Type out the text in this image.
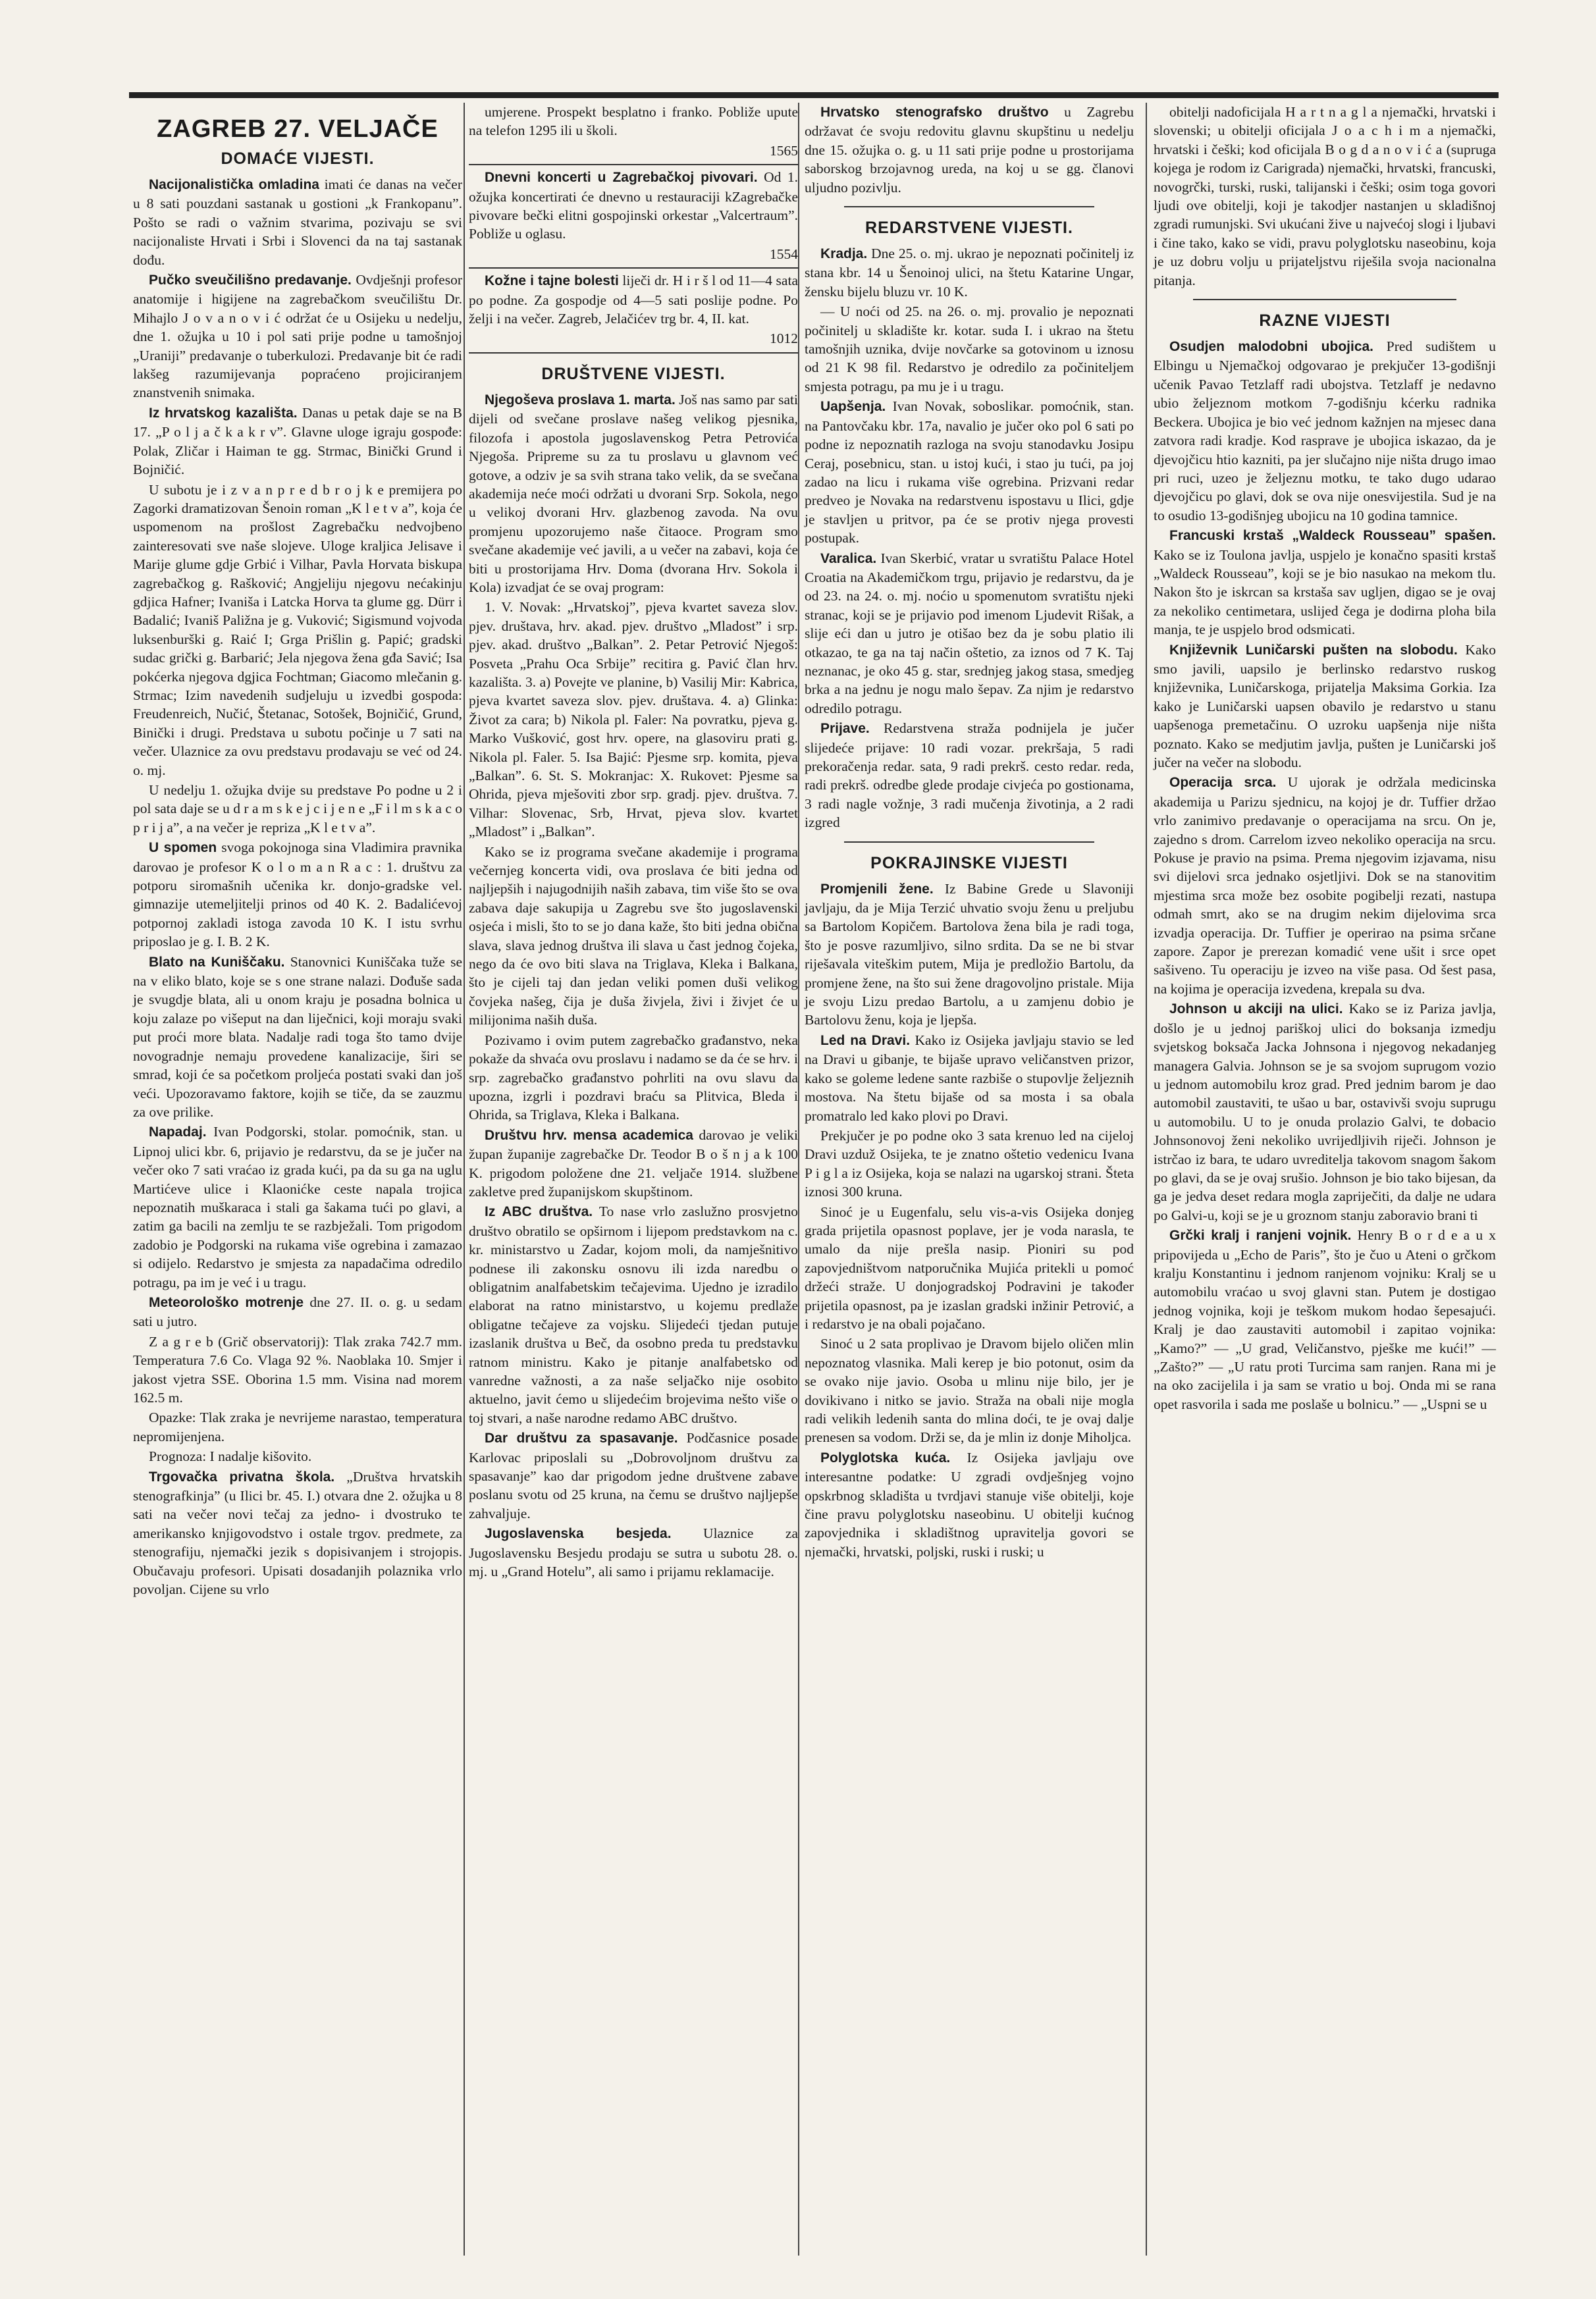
ZAGREB 27. VELJAČE
DOMAĆE VIJESTI.

Nacijonalistička omladina imati će danas na večer u 8 sati pouzdani sastanak u gostioni „k Frankopanu”. Pošto se radi o važnim stvarima, pozivaju se svi nacijonaliste Hrvati i Srbi i Slovenci da na taj sastanak dođu.

Pučko sveučilišno predavanje. Ovdješnji profesor anatomije i higijene na zagrebačkom sveučilištu Dr. Mihajlo J o v a n o v i ć održat će u Osijeku u nedelju, dne 1. ožujka u 10 i pol sati prije podne u tamošnjoj „Uraniji” predavanje o tuberkulozi. Predavanje bit će radi lakšeg razumijevanja popraćeno projiciranjem znanstvenih snimaka.

Iz hrvatskog kazališta. Danas u petak daje se na B 17. „P o l j a č k a k r v”. Glavne uloge igraju gospođe: Polak, Zličar i Haiman te gg. Strmac, Binički Grund i Bojničić.

U subotu je i z v a n p r e d b r o j k e premijera po Zagorki dramatizovan Šenoin roman „K l e t v a”, koja će uspomenom na prošlost Zagrebačku nedvojbeno zainteresovati sve naše slojeve. Uloge kraljica Jelisave i Marije glume gdje Grbić i Vilhar, Pavla Horvata biskupa zagrebačkog g. Rašković; Angjeliju njegovu nećakinju gdjica Hafner; Ivaniša i Latcka Horva ta glume gg. Dürr i Badalić; Ivaniš Paližna je g. Vuković; Sigismund vojvoda luksenburški g. Raić I; Grga Prišlin g. Papić; gradski sudac grički g. Barbarić; Jela njegova žena gđa Savić; Isa pokćerka njegova dgjica Fochtman; Giacomo mlečanin g. Strmac; Izim navedenih sudjeluju u izvedbi gospoda: Freudenreich, Nučić, Štetanac, Sotošek, Bojničić, Grund, Binički i drugi. Predstava u subotu počinje u 7 sati na večer. Ulaznice za ovu predstavu prodavaju se već od 24. o. mj.

U nedelju 1. ožujka dvije su predstave Po podne u 2 i pol sata daje se u d r a m s k e j c i j e n e „F i l m s k a c o p r i j a”, a na večer je repriza „K l e t v a”.

U spomen svoga pokojnoga sina Vladimira pravnika darovao je profesor K o l o m a n R a c : 1. društvu za potporu siromašnih učenika kr. donjo-gradske vel. gimnazije utemeljitelji prinos od 40 K. 2. Badalićevoj potpornoj zakladi istoga zavoda 10 K. I istu svrhu priposlao je g. I. B. 2 K.

Blato na Kuniščaku. Stanovnici Kuniščaka tuže se na v eliko blato, koje se s one strane nalazi. Dođuše sada je svugdje blata, ali u onom kraju je posadna bolnica u koju zalaze po višeput na dan liječnici, koji moraju svaki put proći more blata. Nadalje radi toga što tamo dvije novogradnje nemaju provedene kanalizacije, širi se smrad, koji će sa početkom proljeća postati svaki dan još veći. Upozoravamo faktore, kojih se tiče, da se zauzmu za ove prilike.

Napadaj. Ivan Podgorski, stolar. pomoćnik, stan. u Lipnoj ulici kbr. 6, prijavio je redarstvu, da se je jučer na večer oko 7 sati vraćao iz grada kući, pa da su ga na uglu Martićeve ulice i Klaonićke ceste napala trojica nepoznatih muškaraca i stali ga šakama tući po glavi, a zatim ga bacili na zemlju te se razbježali. Tom prigodom zadobio je Podgorski na rukama više ogrebina i zamazao si odijelo. Redarstvo je smjesta za napadačima odredilo potragu, pa im je već i u tragu.

Meteorološko motrenje dne 27. II. o. g. u sedam sati u jutro.

Z a g r e b (Grič observatorij): Tlak zraka 742.7 mm. Temperatura 7.6 Co. Vlaga 92 %. Naoblaka 10. Smjer i jakost vjetra SSE. Oborina 1.5 mm. Visina nad morem 162.5 m.

Opazke: Tlak zraka je nevrijeme narastao, temperatura nepromijenjena.

Prognoza: I nadalje kišovito.

Trgovačka privatna škola. „Društva hrvatskih stenografkinja” (u Ilici br. 45. I.) otvara dne 2. ožujka u 8 sati na večer novi tečaj za jedno- i dvostruko te amerikansko knjigovodstvo i ostale trgov. predmete, za stenografiju, njemački jezik s dopisivanjem i strojopis. Obučavaju profesori. Upisati dosadanjih polaznika vrlo povoljan. Cijene su vrlo

umjerene. Prospekt besplatno i franko. Pobliže upute na telefon 1295 ili u školi.

1565

Dnevni koncerti u Zagrebačkoj pivovari. Od 1. ožujka koncertirati će dnevno u restauraciji kZagrebačke pivovare bečki elitni gospojinski orkestar „Valcertraum”. Pobliže u oglasu.

1554

Kožne i tajne bolesti liječi dr. H i r š l od 11—4 sata po podne. Za gospodje od 4—5 sati poslije podne. Po želji i na večer. Zagreb, Jelačićev trg br. 4, II. kat.

1012
DRUŠTVENE VIJESTI.

Njegoševa proslava 1. marta. Još nas samo par sati dijeli od svečane proslave našeg velikog pjesnika, filozofa i apostola jugoslavenskog Petra Petrovića Njegoša. Pripreme su za tu proslavu u glavnom već gotove, a odziv je sa svih strana tako velik, da se svečana akademija neće moći održati u dvorani Srp. Sokola, nego u velikoj dvorani Hrv. glazbenog zavoda. Na ovu promjenu upozorujemo naše čitaoce. Program smo svečane akademije već javili, a u večer na zabavi, koja će biti u prostorijama Hrv. Doma (dvorana Hrv. Sokola i Kola) izvadjat će se ovaj program:

1. V. Novak: „Hrvatskoj”, pjeva kvartet saveza slov. pjev. društava, hrv. akad. pjev. društvo „Mladost” i srp. pjev. akad. društvo „Balkan”. 2. Petar Petrović Njegoš: Posveta „Prahu Oca Srbije” recitira g. Pavić član hrv. kazališta. 3. a) Povejte ve planine, b) Vasilij Mir: Kabrica, pjeva kvartet saveza slov. pjev. društava. 4. a) Glinka: Život za cara; b) Nikola pl. Faler: Na povratku, pjeva g. Marko Vušković, gost hrv. opere, na glasoviru prati g. Nikola pl. Faler. 5. Isa Bajić: Pjesme srp. komita, pjeva „Balkan”. 6. St. S. Mokranjac: X. Rukovet: Pjesme sa Ohrida, pjeva mješoviti zbor srp. gradj. pjev. društva. 7. Vilhar: Slovenac, Srb, Hrvat, pjeva slov. kvartet „Mladost” i „Balkan”.

Kako se iz programa svečane akademije i programa večernjeg koncerta vidi, ova proslava će biti jedna od najljepših i najugodnijih naših zabava, tim više što se ova zabava daje sakupija u Zagrebu sve što jugoslavenski osjeća i misli, što to se jo dana kaže, što biti jedna obična slava, slava jednog društva ili slava u čast jednog čojeka, nego da će ovo biti slava na Triglava, Kleka i Balkana, što je cijeli taj dan jedan veliki pomen duši velikog čovjeka našeg, čija je duša živjela, živi i živjet će u milijonima naših duša.

Pozivamo i ovim putem zagrebačko građanstvo, neka pokaže da shvaća ovu proslavu i nadamo se da će se hrv. i srp. zagrebačko građanstvo pohrliti na ovu slavu da upozna, izgrli i pozdravi braću sa Plitvica, Bleda i Ohrida, sa Triglava, Kleka i Balkana.

Društvu hrv. mensa academica darovao je veliki župan županije zagrebačke Dr. Teodor B o š n j a k 100 K. prigodom položene dne 21. veljače 1914. službene zakletve pred županijskom skupštinom.

Iz ABC društva. To nase vrlo zaslužno prosvjetno društvo obratilo se opširnom i lijepom predstavkom na c. kr. ministarstvo u Zadar, kojom moli, da namješnitivo podnese ili zakonsku osnovu ili izda naredbu o obligatnim analfabetskim tečajevima. Ujedno je izradilo elaborat na ratno ministarstvo, u kojemu predlaže obligatne tečajeve za vojsku. Slijedeći tjedan putuje izaslanik društva u Beč, da osobno preda tu predstavku ratnom ministru. Kako je pitanje analfabetsko od vanredne važnosti, a za naše seljačko nije osobito aktuelno, javit ćemo u slijedećim brojevima nešto više o toj stvari, a naše narodne redamo ABC društvo.

Dar društvu za spasavanje. Podčasnice posade Karlovac priposlali su „Dobrovoljnom društvu za spasavanje” kao dar prigodom jedne društvene zabave poslanu svotu od 25 kruna, na čemu se društvo najljepše zahvaljuje.

Jugoslavenska besjeda. Ulaznice za Jugoslavensku Besjedu prodaju se sutra u subotu 28. o. mj. u „Grand Hotelu”, ali samo i prijamu reklamacije.

Hrvatsko stenografsko društvo u Zagrebu održavat će svoju redovitu glavnu skupštinu u nedelju dne 15. ožujka o. g. u 11 sati prije podne u prostorijama saborskog brzojavnog ureda, na koj u se gg. članovi uljudno pozivlju.

REDARSTVENE VIJESTI.

Kradja. Dne 25. o. mj. ukrao je nepoznati počinitelj iz stana kbr. 14 u Šenoinoj ulici, na štetu Katarine Ungar, žensku bijelu bluzu vr. 10 K.

— U noći od 25. na 26. o. mj. provalio je nepoznati počinitelj u skladište kr. kotar. suda I. i ukrao na štetu tamošnjih uznika, dvije novčarke sa gotovinom u iznosu od 21 K 98 fil. Redarstvo je odredilo za počiniteljem smjesta potragu, pa mu je i u tragu.

Uapšenja. Ivan Novak, soboslikar. pomoćnik, stan. na Pantovčaku kbr. 17a, navalio je jučer oko pol 6 sati po podne iz nepoznatih razloga na svoju stanodavku Josipu Ceraj, posebnicu, stan. u istoj kući, i stao ju tući, pa joj zadao na licu i rukama više ogrebina. Prizvani redar predveo je Novaka na redarstvenu ispostavu u Ilici, gdje je stavljen u pritvor, pa će se protiv njega provesti postupak.

Varalica. Ivan Skerbić, vratar u svratištu Palace Hotel Croatia na Akademičkom trgu, prijavio je redarstvu, da je od 23. na 24. o. mj. noćio u spomenutom svratištu njeki stranac, koji se je prijavio pod imenom Ljudevit Rišak, a slije eći dan u jutro je otišao bez da je sobu platio ili otkazao, te ga na taj način oštetio, za iznos od 7 K. Taj neznanac, je oko 45 g. star, srednjeg jakog stasa, smedjeg brka a na jednu je nogu malo šepav. Za njim je redarstvo odredilo potragu.

Prijave. Redarstvena straža podnijela je jučer slijedeće prijave: 10 radi vozar. prekršaja, 5 radi prekoračenja redar. sata, 9 radi prekrš. cesto redar. reda, radi prekrš. odredbe glede prodaje civjeća po gostionama, 3 radi nagle vožnje, 3 radi mučenja životinja, a 2 radi izgred

POKRAJINSKE VIJESTI

Promjenili žene. Iz Babine Grede u Slavoniji javljaju, da je Mija Terzić uhvatio svoju ženu u preljubu sa Bartolom Kopičem. Bartolova žena bila je radi toga, što je posve razumljivo, silno srdita. Da se ne bi stvar riješavala viteškim putem, Mija je predložio Bartolu, da promjene žene, na što sui žene dragovoljno pristale. Mija je svoju Lizu predao Bartolu, a u zamjenu dobio je Bartolovu ženu, koja je ljepša.

Led na Dravi. Kako iz Osijeka javljaju stavio se led na Dravi u gibanje, te bijaše upravo veličanstven prizor, kako se golеme ledene sante razbiše o stupovlje željeznih mostova. Na štetu bijaše od sa mosta i sa obala promatralo led kako plovi po Dravi.

Prekjučer je po podne oko 3 sata krenuo led na cijeloj Dravi uzduž Osijeka, te je znatno oštetio vedenicu Ivana P i g l a iz Osijeka, koja se nalazi na ugarskoj strani. Šteta iznosi 300 kruna.

Sinoć je u Eugenfalu, selu vis-a-vis Osijeka donjeg grada prijetila opasnost poplave, jer je voda narasla, te umalo da nije prešla nasip. Pioniri su pod zapovjedništvom natporučnika Mujića pritekli u pomoć držeći straže. U donjogradskoj Podravini je također prijetila opasnost, pa je izaslan gradski inžinir Petrović, a i redarstvo je na obali pojačano.

Sinoć u 2 sata proplivao je Dravom bijelo oličen mlin nepoznatog vlasnika. Mali kerep je bio potonut, osim da se ovako nije javio. Osoba u mlinu nije bilo, jer je dovikivano i nitko se javio. Straža na obali nije mogla radi velikih ledenih santa do mlina doći, te je ovaj dalje prenesen sa vodom. Drži se, da je mlin iz donje Miholjca.

Polyglotska kuća. Iz Osijeka javljaju ove interesantne podatke: U zgradi ovdješnjeg vojno opskrbnog skladišta u tvrdjavi stanuje više obitelji, koje čine pravu polyglotsku naseobinu. U obitelji kućnog zapovjednika i skladištnog upravitelja govori se njemački, hrvatski, poljski, ruski i ruski; u

obitelji nadoficijala H a r t n a g l a njemački, hrvatski i slovenski; u obitelji oficijala J o a c h i m a njemački, hrvatski i češki; kod oficijala B o g d a n o v i ć a (supruga kojega je rodom iz Carigrada) njemački, hrvatski, francuski, novogrčki, turski, ruski, talijanski i češki; osim toga govori ljudi ove obitelji, koji je takodjer nastanjen u skladišnoj zgradi rumunjski. Svi ukućani žive u najvećoj slogi i ljubavi i čine tako, kako se vidi, pravu polyglotsku naseobinu, koja je uz dobru volju u prijateljstvu riješila svoja nacionalna pitanja.

RAZNE VIJESTI

Osudjen malodobni ubojica. Pred sudištem u Elbingu u Njemačkoj odgovarao je prekjučer 13-godišnji učenik Pavao Tetzlaff radi ubojstva. Tetzlaff je nedavno ubio željeznom motkom 7-godišnju kćerku radnika Beckera. Ubojica je bio već jednom kažnjen na mjesec dana zatvora radi kradje. Kod rasprave je ubojica iskazao, da je djevojčicu htio kazniti, pa jer slučajno nije ništa drugo imao pri ruci, uzeo je željeznu motku, te tako dugo udarao djevojčicu po glavi, dok se ova nije onesvijestila. Sud je na to osudio 13-godišnjeg ubojicu na 10 godina tamnice.

Francuski krstaš „Waldeck Rousseau” spašen. Kako se iz Toulona javlja, uspjelo je konačno spasiti krstaš „Waldeck Rousseau”, koji se je bio nasukao na mekom tlu. Nakon što je iskrcan sa krstaša sav ugljen, digao se je ovaj za nekoliko centimetara, uslijed čega je dodirna ploha bila manja, te je uspjelo brod odsmicati.

Književnik Luničarski pušten na slobodu. Kako smo javili, uapsilo je berlinsko redarstvo ruskog književnika, Luničarskoga, prijatelja Maksima Gorkia. Iza kako je Luničarski uapsen obavilo je redarstvo u stanu uapšenoga premetačinu. O uzroku uapšenja nije ništa poznato. Kako se medjutim javlja, pušten je Luničarski još jučer na večer na slobodu.

Operacija srca. U ujorak je održala medicinska akademija u Parizu sjednicu, na kojoj je dr. Tuffier držao vrlo zanimivo predavanje o operacijama na srcu. On je, zajedno s drom. Carrelom izveo nekoliko operacija na srcu. Pokuse je pravio na psima. Prema njegovim izjavama, nisu svi dijelovi srca jednako osjetljivi. Dok se na stanovitim mjestima srca može bez osobite pogibelji rezati, nastupa odmah smrt, ako se na drugim nekim dijelovima srca izvadja operacija. Dr. Tuffier je operirao na psima srčane zapore. Zapor je prerezan komadić vene ušit i srce opet sašiveno. Tu operaciju je izveo na više pasa. Od šest pasa, na kojima je operacija izvedena, krepala su dva.

Johnson u akciji na ulici. Kako se iz Pariza javlja, došlo je u jednoj pariškoj ulici do boksanja izmedju svjetskog boksača Jacka Johnsona i njegovog nekadanjeg managera Galvia. Johnson se je sa svojom suprugom vozio u jednom automobilu kroz grad. Pred jednim barom je dao automobil zaustaviti, te ušao u bar, ostavivši svoju suprugu u automobilu. U to je onuda prolazio Galvi, te dobacio Johnsonovoj ženi nekoliko uvrijedljivih riječi. Johnson je istrčao iz bara, te udaro uvrediteljа takovom snagom šakom po glavi, da se je ovaj srušio. Johnson je bio tako bijesan, da ga je jedva deset redara mogla zapriječiti, da dalje ne udara po Galvi-u, koji se je u groznom stanju zaboravio brani ti

Grčki kralj i ranjeni vojnik. Henry B o r d e a u x pripovijeda u „Echo de Paris”, što je čuo u Ateni o grčkom kralju Konstantinu i jednom ranjenom vojniku: Kralj se u automobilu vraćao u svoj glavni stan. Putem je dostigao jednog vojnika, koji je teškom mukom hodao šepesajući. Kralj je dao zaustaviti automobil i zapitao vojnika: „Kamo?” — „U grad, Veličanstvo, pješke me kući!” — „Zašto?” — „U ratu proti Turcima sam ranjen. Rana mi je na oko zacijelila i ja sam se vratio u boj. Onda mi se rana opet rasvorila i sada me poslaše u bolnicu.” — „Uspni se u
